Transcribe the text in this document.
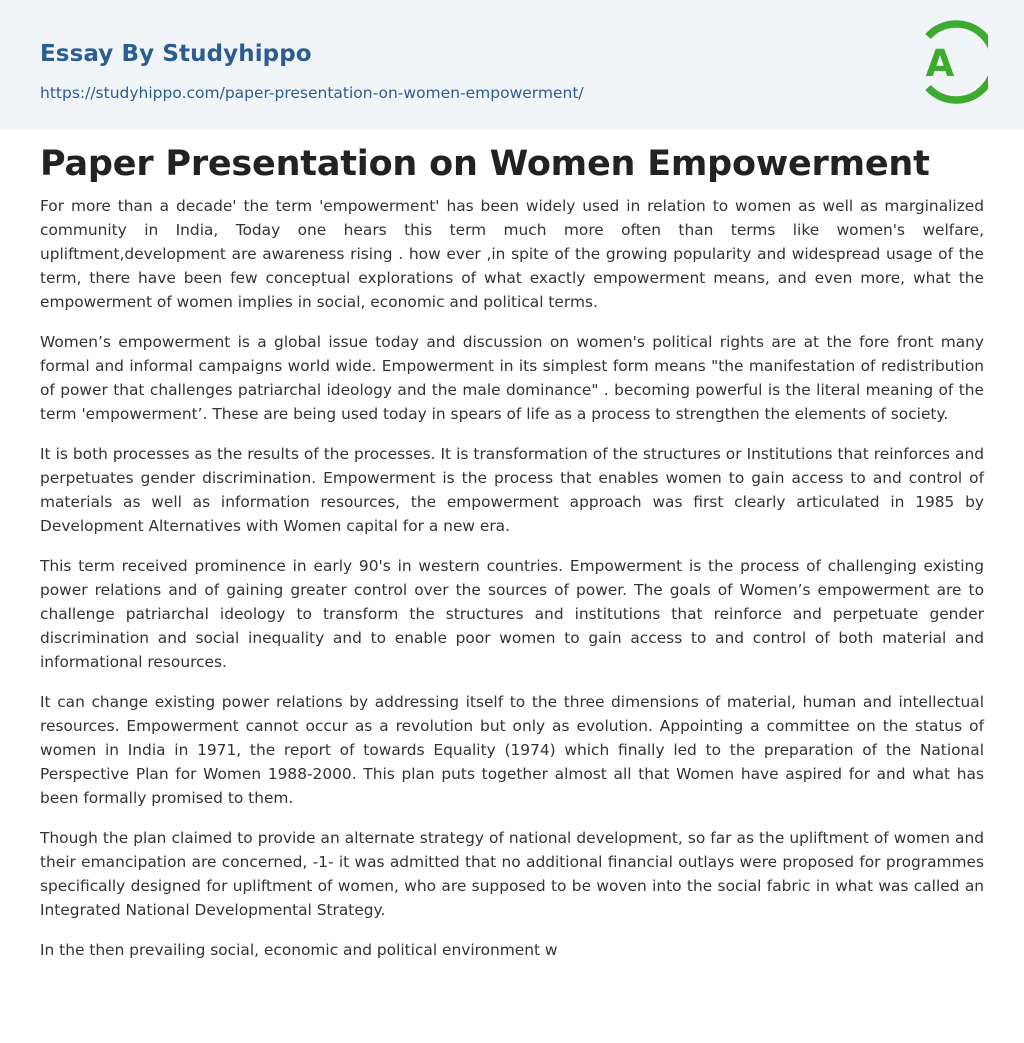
Essay By Studyhippo
https://studyhippo.com/paper-presentation-on-women-empowerment/
A
Paper Presentation on Women Empowerment

For more than a decade' the term 'empowerment' has been widely used in relation to women as well as marginalized community in India, Today one hears this term much more often than terms like women's welfare, upliftment,development are awareness rising . how ever ,in spite of the growing popularity and widespread usage of the term, there have been few conceptual explorations of what exactly empowerment means, and even more, what the empowerment of women implies in social, economic and political terms.

Women’s empowerment is a global issue today and discussion on women's political rights are at the fore front many formal and informal campaigns world wide. Empowerment in its simplest form means "the manifestation of redistribution of power that challenges patriarchal ideology and the male dominance" . becoming powerful is the literal meaning of the term 'empowerment’. These are being used today in spears of life as a process to strengthen the elements of society.

It is both processes as the results of the processes. It is transformation of the structures or Institutions that reinforces and perpetuates gender discrimination. Empowerment is the process that enables women to gain access to and control of materials as well as information resources, the empowerment approach was first clearly articulated in 1985 by Development Alternatives with Women capital for a new era.

This term received prominence in early 90's in western countries. Empowerment is the process of challenging existing power relations and of gaining greater control over the sources of power. The goals of Women’s empowerment are to challenge patriarchal ideology to transform the structures and institutions that reinforce and perpetuate gender discrimination and social inequality and to enable poor women to gain access to and control of both material and informational resources.

It can change existing power relations by addressing itself to the three dimensions of material, human and intellectual resources. Empowerment cannot occur as a revolution but only as evolution. Appointing a committee on the status of women in India in 1971, the report of towards Equality (1974) which finally led to the preparation of the National Perspective Plan for Women 1988-2000. This plan puts together almost all that Women have aspired for and what has been formally promised to them.

Though the plan claimed to provide an alternate strategy of national development, so far as the upliftment of women and their emancipation are concerned, -1- it was admitted that no additional financial outlays were proposed for programmes specifically designed for upliftment of women, who are supposed to be woven into the social fabric in what was called an Integrated National Developmental Strategy.

In the then prevailing social, economic and political environment w
